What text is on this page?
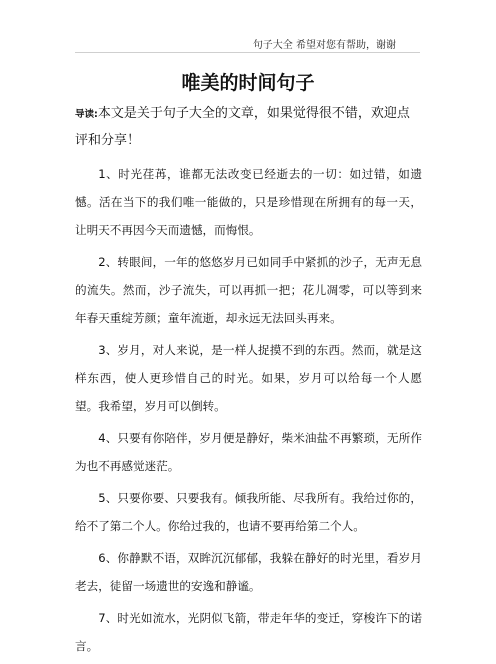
句子大全 希望对您有帮助，谢谢
唯美的时间句子

导读:本文是关于句子大全的文章，如果觉得很不错，欢迎点评和分享！

1、时光荏苒，谁都无法改变已经逝去的一切：如过错，如遗憾。活在当下的我们唯一能做的，只是珍惜现在所拥有的每一天，让明天不再因今天而遗憾，而悔恨。

2、转眼间，一年的悠悠岁月已如同手中紧抓的沙子，无声无息的流失。然而，沙子流失，可以再抓一把；花儿凋零，可以等到来年春天重绽芳颜；童年流逝，却永远无法回头再来。

3、岁月，对人来说，是一样人捉摸不到的东西。然而，就是这样东西，使人更珍惜自己的时光。如果，岁月可以给每一个人愿望。我希望，岁月可以倒转。

4、只要有你陪伴，岁月便是静好，柴米油盐不再繁琐，无所作为也不再感觉迷茫。

5、只要你要、只要我有。倾我所能、尽我所有。我给过你的，给不了第二个人。你给过我的，也请不要再给第二个人。

6、你静默不语，双眸沉沉郁郁，我躲在静好的时光里，看岁月老去，徒留一场遗世的安逸和静谧。

7、时光如流水，光阴似飞箭，带走年华的变迁，穿梭许下的诺言。
